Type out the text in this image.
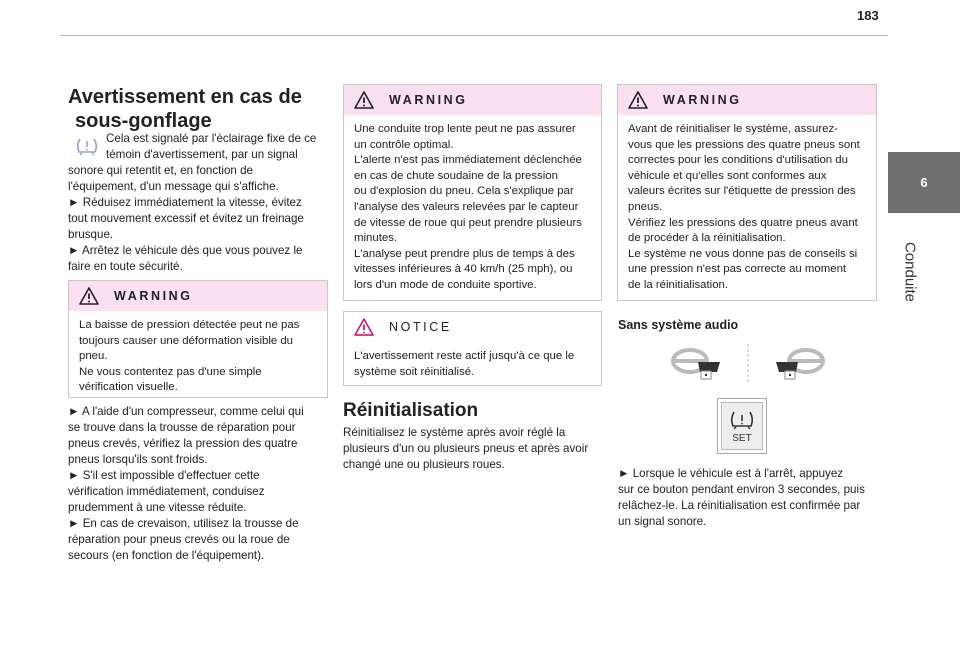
183
6
Conduite
Avertissement en cas de
sous-gonflage
Cela est signalé par l'éclairage fixe de ce
témoin d'avertissement, par un signal
sonore qui retentit et, en fonction de
l'équipement, d'un message qui s'affiche.
► Réduisez immédiatement la vitesse, évitez
tout mouvement excessif et évitez un freinage
brusque.
► Arrêtez le véhicule dès que vous pouvez le
faire en toute sécurité.
WARNING
La baisse de pression détectée peut ne pas
toujours causer une déformation visible du
pneu.
Ne vous contentez pas d'une simple
vérification visuelle.
► A l'aide d'un compresseur, comme celui qui
se trouve dans la trousse de réparation pour
pneus crevés, vérifiez la pression des quatre
pneus lorsqu'ils sont froids.
► S'il est impossible d'effectuer cette
vérification immédiatement, conduisez
prudemment à une vitesse réduite.
► En cas de crevaison, utilisez la trousse de
réparation pour pneus crevés ou la roue de
secours (en fonction de l'équipement).
WARNING
Une conduite trop lente peut ne pas assurer
un contrôle optimal.
L'alerte n'est pas immédiatement déclenchée
en cas de chute soudaine de la pression
ou d'explosion du pneu. Cela s'explique par
l'analyse des valeurs relevées par le capteur
de vitesse de roue qui peut prendre plusieurs
minutes.
L'analyse peut prendre plus de temps à des
vitesses inférieures à 40 km/h (25 mph), ou
lors d'un mode de conduite sportive.
NOTICE
L'avertissement reste actif jusqu'à ce que le
système soit réinitialisé.
Réinitialisation
Réinitialisez le système après avoir réglé la
plusieurs d'un ou plusieurs pneus et après avoir
changé une ou plusieurs roues.
WARNING
Avant de réinitialiser le système, assurez-
vous que les pressions des quatre pneus sont
correctes pour les conditions d'utilisation du
véhicule et qu'elles sont conformes aux
valeurs écrites sur l'étiquette de pression des
pneus.
Vérifiez les pressions des quatre pneus avant
de procéder à la réinitialisation.
Le système ne vous donne pas de conseils si
une pression n'est pas correcte au moment
de la réinitialisation.
Sans système audio
SET
► Lorsque le véhicule est à l'arrêt, appuyez
sur ce bouton pendant environ 3 secondes, puis
relâchez-le. La réinitialisation est confirmée par
un signal sonore.
